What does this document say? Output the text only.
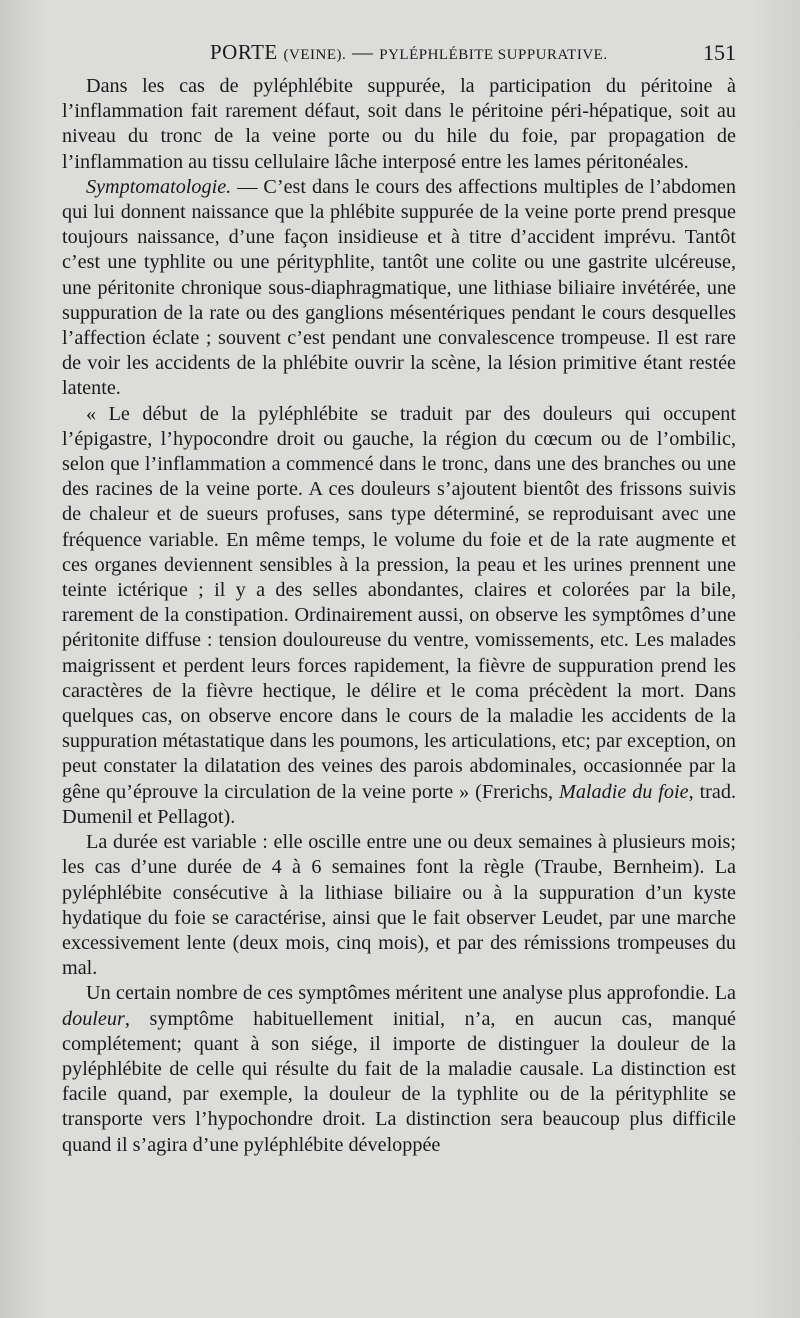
PORTE (VEINE). — PYLÉPHLÉBITE SUPPURATIVE.	151

Dans les cas de pyléphlébite suppurée, la participation du péritoine à l’inflammation fait rarement défaut, soit dans le péritoine péri-hépatique, soit au niveau du tronc de la veine porte ou du hile du foie, par propagation de l’inflammation au tissu cellulaire lâche interposé entre les lames péritonéales.

Symptomatologie. — C’est dans le cours des affections multiples de l’abdomen qui lui donnent naissance que la phlébite suppurée de la veine porte prend presque toujours naissance, d’une façon insidieuse et à titre d’accident imprévu. Tantôt c’est une typhlite ou une pérityphlite, tantôt une colite ou une gastrite ulcéreuse, une péritonite chronique sous-diaphragmatique, une lithiase biliaire invétérée, une suppuration de la rate ou des ganglions mésentériques pendant le cours desquelles l’affection éclate ; souvent c’est pendant une convalescence trompeuse. Il est rare de voir les accidents de la phlébite ouvrir la scène, la lésion primitive étant restée latente.

« Le début de la pyléphlébite se traduit par des douleurs qui occupent l’épigastre, l’hypocondre droit ou gauche, la région du cœcum ou de l’ombilic, selon que l’inflammation a commencé dans le tronc, dans une des branches ou une des racines de la veine porte. A ces douleurs s’ajoutent bientôt des frissons suivis de chaleur et de sueurs profuses, sans type déterminé, se reproduisant avec une fréquence variable. En même temps, le volume du foie et de la rate augmente et ces organes deviennent sensibles à la pression, la peau et les urines prennent une teinte ictérique ; il y a des selles abondantes, claires et colorées par la bile, rarement de la constipation. Ordinairement aussi, on observe les symptômes d’une péritonite diffuse : tension douloureuse du ventre, vomissements, etc. Les malades maigrissent et perdent leurs forces rapidement, la fièvre de suppuration prend les caractères de la fièvre hectique, le délire et le coma précèdent la mort. Dans quelques cas, on observe encore dans le cours de la maladie les accidents de la suppuration métastatique dans les poumons, les articulations, etc; par exception, on peut constater la dilatation des veines des parois abdominales, occasionnée par la gêne qu’éprouve la circulation de la veine porte » (Frerichs, Maladie du foie, trad. Dumenil et Pellagot).

La durée est variable : elle oscille entre une ou deux semaines à plusieurs mois; les cas d’une durée de 4 à 6 semaines font la règle (Traube, Bernheim). La pyléphlébite consécutive à la lithiase biliaire ou à la suppuration d’un kyste hydatique du foie se caractérise, ainsi que le fait observer Leudet, par une marche excessivement lente (deux mois, cinq mois), et par des rémissions trompeuses du mal.

Un certain nombre de ces symptômes méritent une analyse plus approfondie. La douleur, symptôme habituellement initial, n’a, en aucun cas, manqué complétement; quant à son siége, il importe de distinguer la douleur de la pyléphlébite de celle qui résulte du fait de la maladie causale. La distinction est facile quand, par exemple, la douleur de la typhlite ou de la pérityphlite se transporte vers l’hypochondre droit. La distinction sera beaucoup plus difficile quand il s’agira d’une pyléphlébite développée
